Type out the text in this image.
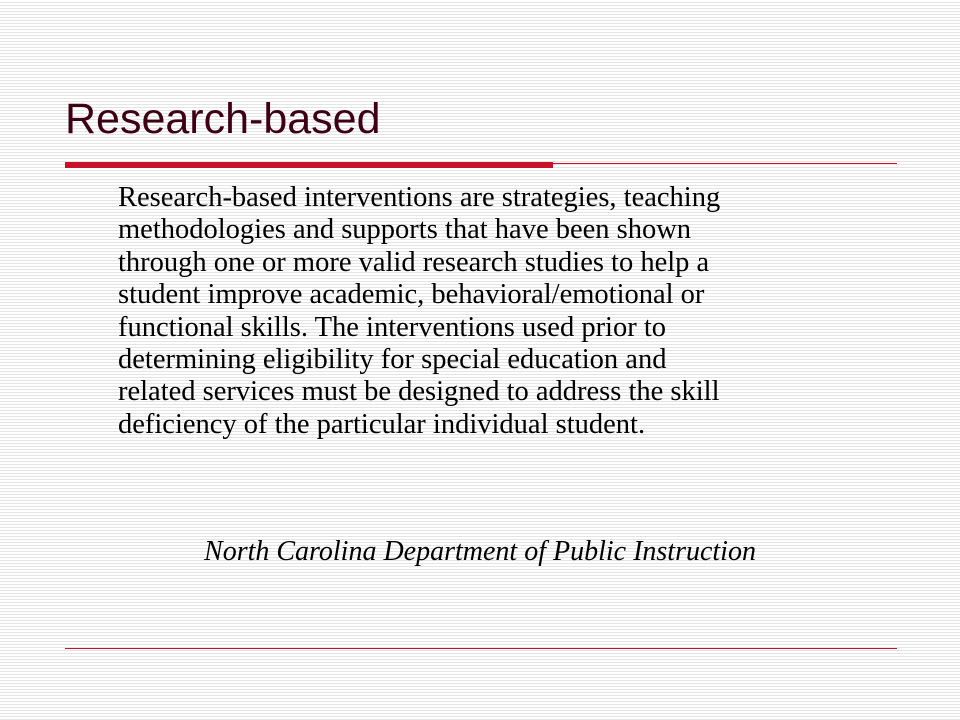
Research-based

Research-based interventions are strategies, teaching
methodologies and supports that have been shown
through one or more valid research studies to help a
student improve academic, behavioral/emotional or
functional skills. The interventions used prior to
determining eligibility for special education and
related services must be designed to address the skill
deficiency of the particular individual student.

North Carolina Department of Public Instruction
